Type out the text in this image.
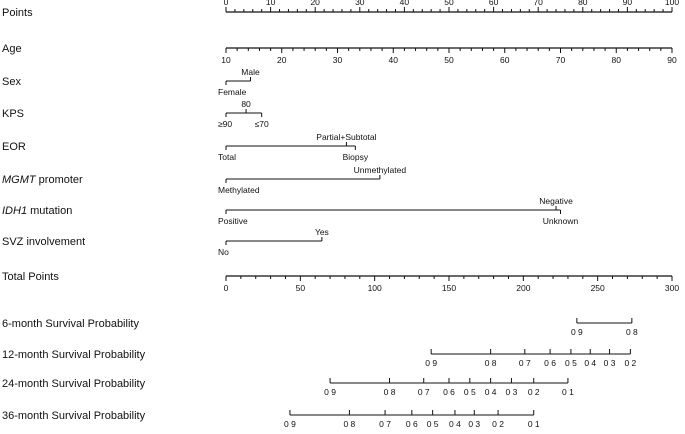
Points
0	10	20	30	40	50	60	70	80	90	100
Age
10	20	30	40	50	60	70	80	90
Sex
Female
Male
KPS
≥90
80
≤70
EOR
Total
Partial+Subtotal
Biopsy
MGMT promoter
Methylated
Unmethylated
IDH1 mutation
Positive
Negative
Unknown
SVZ involvement
No
Yes
Total Points
0	50	100	150	200	250	300
6-month Survival Probability
0 9	0 8
12-month Survival Probability
0 9	0 8	0 7 0 6 0 5 0 4 0 3 0 2
24-month Survival Probability
0 9	0 8	0 7 0 6 0 5 0 4 0 3 0 2	0 1
36-month Survival Probability
0 9	0 8	0 7 0 6 0 5 0 4 0 3 0 2	0 1
